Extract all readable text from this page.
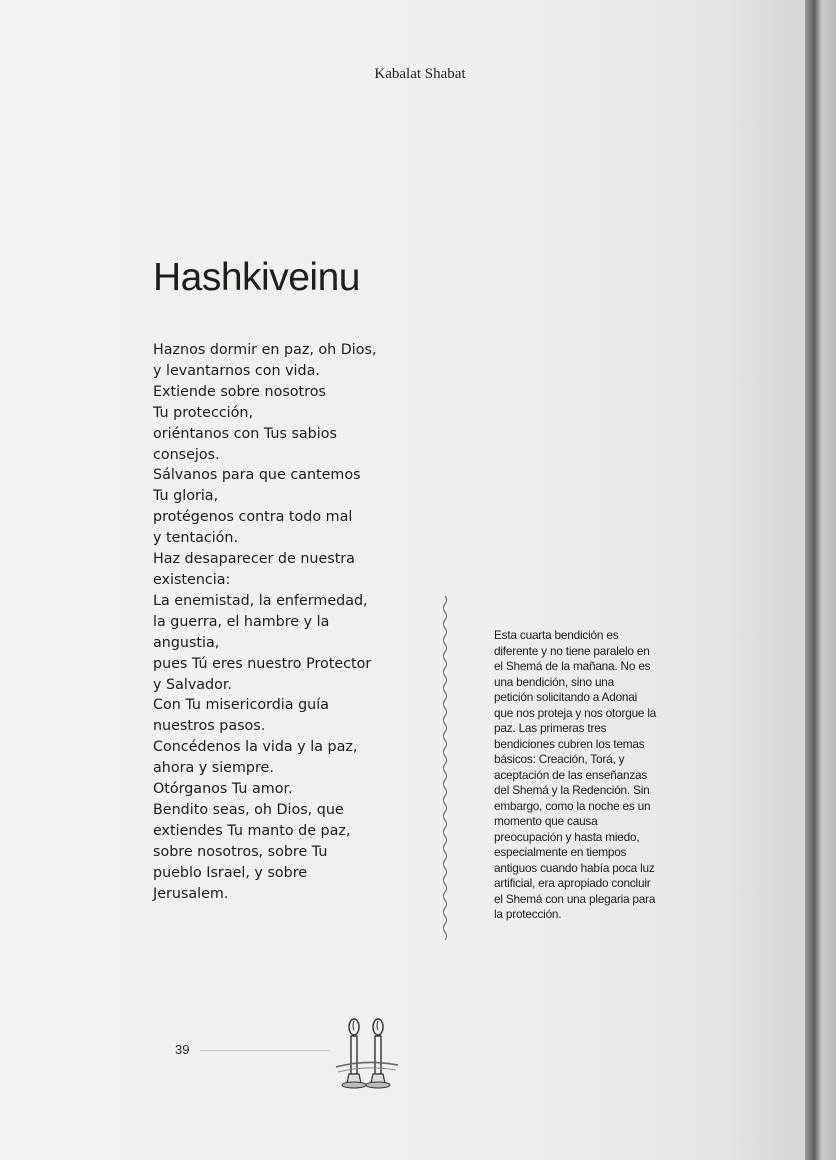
Kabalat Shabat
Hashkiveinu
Haznos dormir en paz, oh Dios,
y levantarnos con vida.
Extiende sobre nosotros
Tu protección,
oriéntanos con Tus sabios
consejos.
Sálvanos para que cantemos
Tu gloria,
protégenos contra todo mal
y tentación.
Haz desaparecer de nuestra
existencia:
La enemistad, la enfermedad,
la guerra, el hambre y la
angustia,
pues Tú eres nuestro Protector
y Salvador.
Con Tu misericordia guía
nuestros pasos.
Concédenos la vida y la paz,
ahora y siempre.
Otórganos Tu amor.
Bendito seas, oh Dios, que
extiendes Tu manto de paz,
sobre nosotros, sobre Tu
pueblo Israel, y sobre
Jerusalem.
Esta cuarta bendición es
diferente y no tiene paralelo en
el Shemá de la mañana. No es
una bendición, sino una
petición solicitando a Adonai
que nos proteja y nos otorgue la
paz. Las primeras tres
bendiciones cubren los temas
básicos: Creación, Torá, y
aceptación de las enseñanzas
del Shemá y la Redención. Sin
embargo, como la noche es un
momento que causa
preocupación y hasta miedo,
especialmente en tiempos
antiguos cuando había poca luz
artificial, era apropiado concluir
el Shemá con una plegaria para
la protección.
39
